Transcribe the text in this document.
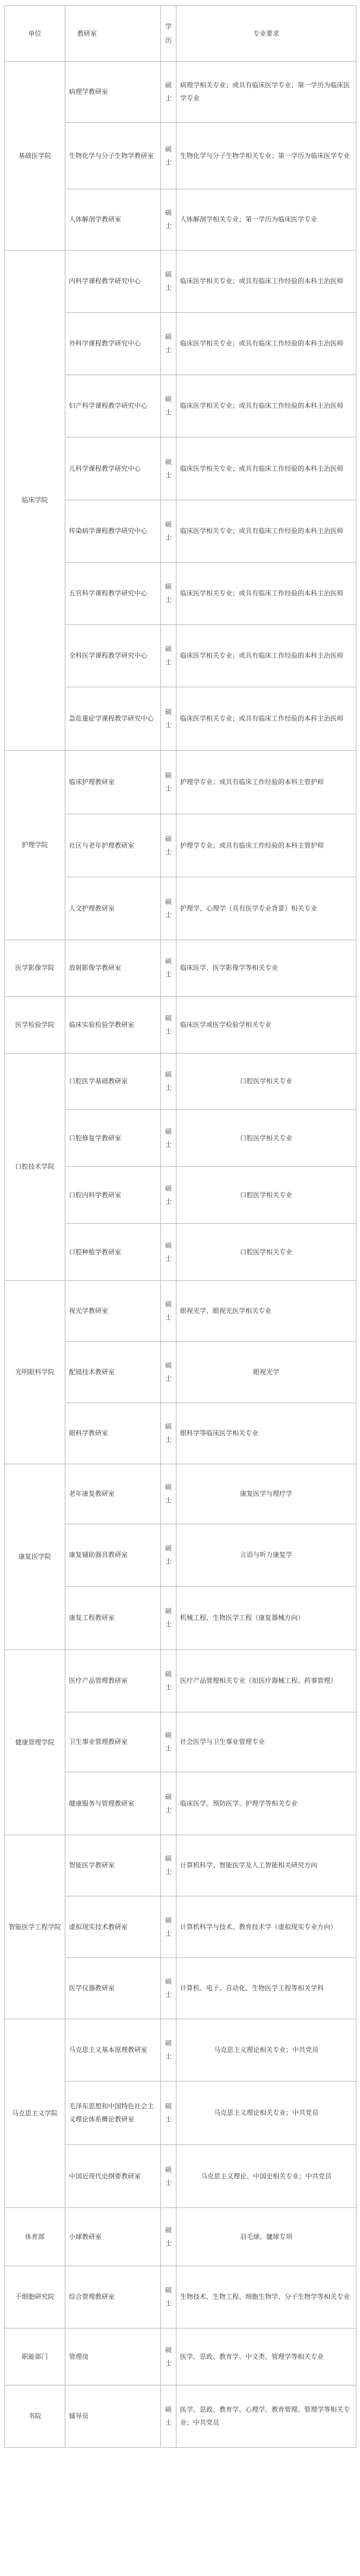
单位	教研室	学历	专业要求
基础医学院	病理学教研室	硕士	病理学相关专业；或具有临床医学专业；第一学历为临床医学专业
	生物化学与分子生物学教研室	硕士	生物化学与分子生物学相关专业；第一学历为临床医学专业
	人体解剖学教研室	硕士	人体解剖学相关专业；第一学历为临床医学专业
临床学院	内科学课程教学研究中心	硕士	临床医学相关专业；或具有临床工作经验的本科主治医师
	外科学课程教学研究中心	硕士	临床医学相关专业；或具有临床工作经验的本科主治医师
	妇产科学课程教学研究中心	硕士	临床医学相关专业；或具有临床工作经验的本科主治医师
	儿科学课程教学研究中心	硕士	临床医学相关专业；或具有临床工作经验的本科主治医师
	传染病学课程教学研究中心	硕士	临床医学相关专业；或具有临床工作经验的本科主治医师
	五官科学课程教学研究中心	硕士	临床医学相关专业；或具有临床工作经验的本科主治医师
	全科医学课程教学研究中心	硕士	临床医学相关专业；或具有临床工作经验的本科主治医师
	急危重症学课程教学研究中心	硕士	临床医学相关专业；或具有临床工作经验的本科主治医师
护理学院	临床护理教研室	硕士	护理学专业；或具有临床工作经验的本科主管护师
	社区与老年护理教研室	硕士	护理学专业；或具有临床工作经验的本科主管护师
	人文护理教研室	硕士	护理学、心理学（具有医学专业背景）相关专业
医学影像学院	放射影像学教研室	硕士	临床医学、医学影像学等相关专业
医学检验学院	临床实验检验学教研室	硕士	临床医学或医学检验学相关专业
口腔技术学院	口腔医学基础教研室	硕士	口腔医学相关专业
	口腔修复学教研室	硕士	口腔医学相关专业
	口腔内科学教研室	硕士	口腔医学相关专业
	口腔种植学教研室	硕士	口腔医学相关专业
光明眼科学院	视光学教研室	硕士	眼视光学、眼视光医学相关专业
	配镜技术教研室	硕士	眼视光学
	眼科学教研室	硕士	眼科学等临床医学相关专业
康复医学院	老年康复教研室	硕士	康复医学与理疗学
	康复辅助器具教研室	硕士	言语与听力康复学
	康复工程教研室	硕士	机械工程、生物医学工程（康复器械方向）
健康管理学院	医疗产品管理教研室	硕士	医疗产品管理相关专业（如医疗器械工程、药事管理）
	卫生事业管理教研室	硕士	社会医学与卫生事业管理专业
	健康服务与管理教研室	硕士	临床医学、预防医学、护理学等相关专业
智能医学工程学院	智能医学教研室	硕士	计算机科学、智能医学及人工智能相关研究方向
	虚拟现实技术教研室	硕士	计算机科学与技术、教育技术学（虚拟现实专业方向）
	医学仪器教研室	硕士	计算机、电子、自动化、生物医学工程等相关学科
马克思主义学院	马克思主义基本原理教研室	硕士	马克思主义理论相关专业；中共党员
	毛泽东思想和中国特色社会主义理论体系概论教研室	硕士	马克思主义理论相关专业；中共党员
	中国近现代史纲要教研室	硕士	马克思主义理论、中国史相关专业；中共党员
体育部	小球教研室	硕士	羽毛球、毽球专项
干细胞研究院	综合管理教研室	硕士	生物技术、生物工程、细胞生物学、分子生物学等相关专业
职能部门	管理岗	硕士	医学、思政、教育学、中文类、管理学等相关专业
书院	辅导员	硕士	医学、思政、教育学、心理学、教育管理、管理学等相关专业；中共党员
